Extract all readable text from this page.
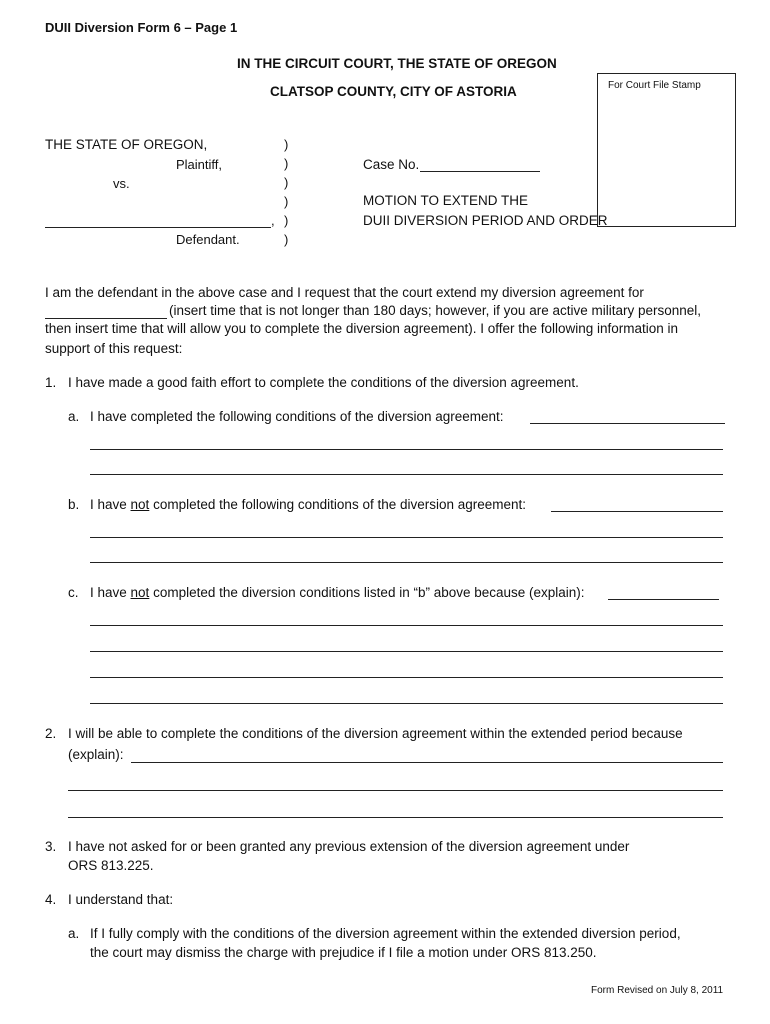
DUII Diversion Form 6 – Page 1
IN THE CIRCUIT COURT, THE STATE OF OREGON
CLATSOP COUNTY, CITY OF ASTORIA	For Court File Stamp
THE STATE OF OREGON,
Plaintiff,
vs.
,
Defendant.
)
)
)
)
)
)
Case No.
MOTION TO EXTEND THE
DUII DIVERSION PERIOD AND ORDER
I am the defendant in the above case and I request that the court extend my diversion agreement for
(insert time that is not longer than 180 days; however, if you are active military personnel,
then insert time that will allow you to complete the diversion agreement). I offer the following information in
support of this request:
1. I have made a good faith effort to complete the conditions of the diversion agreement.
a. I have completed the following conditions of the diversion agreement:
b. I have not completed the following conditions of the diversion agreement:
c. I have not completed the diversion conditions listed in “b” above because (explain):
2. I will be able to complete the conditions of the diversion agreement within the extended period because
(explain):
3. I have not asked for or been granted any previous extension of the diversion agreement under
ORS 813.225.
4. I understand that:
a. If I fully comply with the conditions of the diversion agreement within the extended diversion period,
the court may dismiss the charge with prejudice if I file a motion under ORS 813.250.
Form Revised on July 8, 2011
